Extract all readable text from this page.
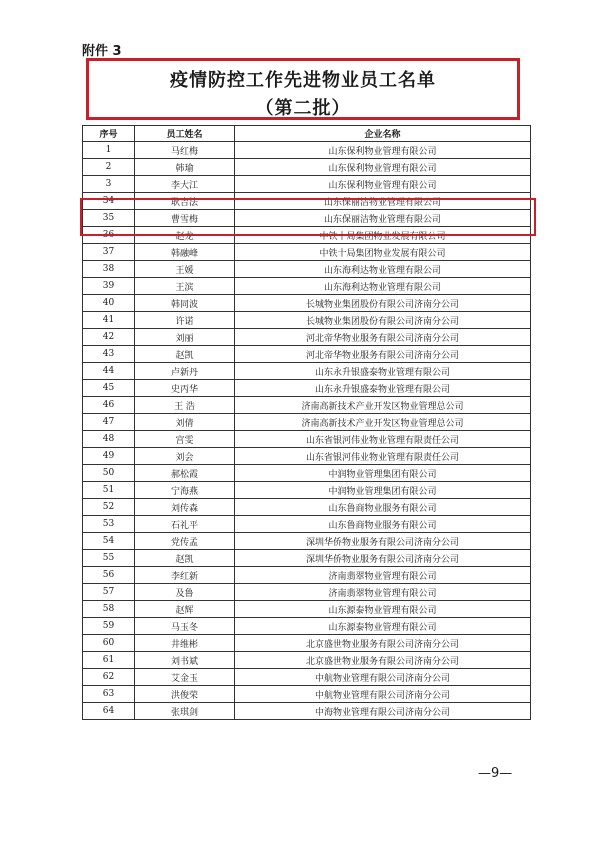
附件 3
疫情防控工作先进物业员工名单
（第二批）
序号	员工姓名	企业名称
1	马红梅	山东保利物业管理有限公司
2	韩瑜	山东保利物业管理有限公司
3	李大江	山东保利物业管理有限公司
34	耿吉法	山东保丽洁物业管理有限公司
35	曹雪梅	山东保丽洁物业管理有限公司
36	赵龙	中铁十局集团物业发展有限公司
37	韩融峰	中铁十局集团物业发展有限公司
38	王媛	山东海利达物业管理有限公司
39	王滨	山东海利达物业管理有限公司
40	韩同波	长城物业集团股份有限公司济南分公司
41	许诺	长城物业集团股份有限公司济南分公司
42	刘丽	河北帝华物业服务有限公司济南分公司
43	赵凯	河北帝华物业服务有限公司济南分公司
44	卢新丹	山东永升银盛泰物业管理有限公司
45	史丙华	山东永升银盛泰物业管理有限公司
46	王 浩	济南高新技术产业开发区物业管理总公司
47	刘倩	济南高新技术产业开发区物业管理总公司
48	宫雯	山东省银河伟业物业管理有限责任公司
49	刘会	山东省银河伟业物业管理有限责任公司
50	郝松霞	中润物业管理集团有限公司
51	宁海燕	中润物业管理集团有限公司
52	刘传森	山东鲁商物业服务有限公司
53	石礼平	山东鲁商物业服务有限公司
54	党传孟	深圳华侨物业服务有限公司济南分公司
55	赵凯	深圳华侨物业服务有限公司济南分公司
56	李红新	济南翡翠物业管理有限公司
57	及鲁	济南翡翠物业管理有限公司
58	赵辉	山东源泰物业管理有限公司
59	马玉冬	山东源泰物业管理有限公司
60	井维彬	北京盛世物业服务有限公司济南分公司
61	刘书斌	北京盛世物业服务有限公司济南分公司
62	艾金玉	中航物业管理有限公司济南分公司
63	洪俊荣	中航物业管理有限公司济南分公司
64	张琪剑	中海物业管理有限公司济南分公司
—9—
